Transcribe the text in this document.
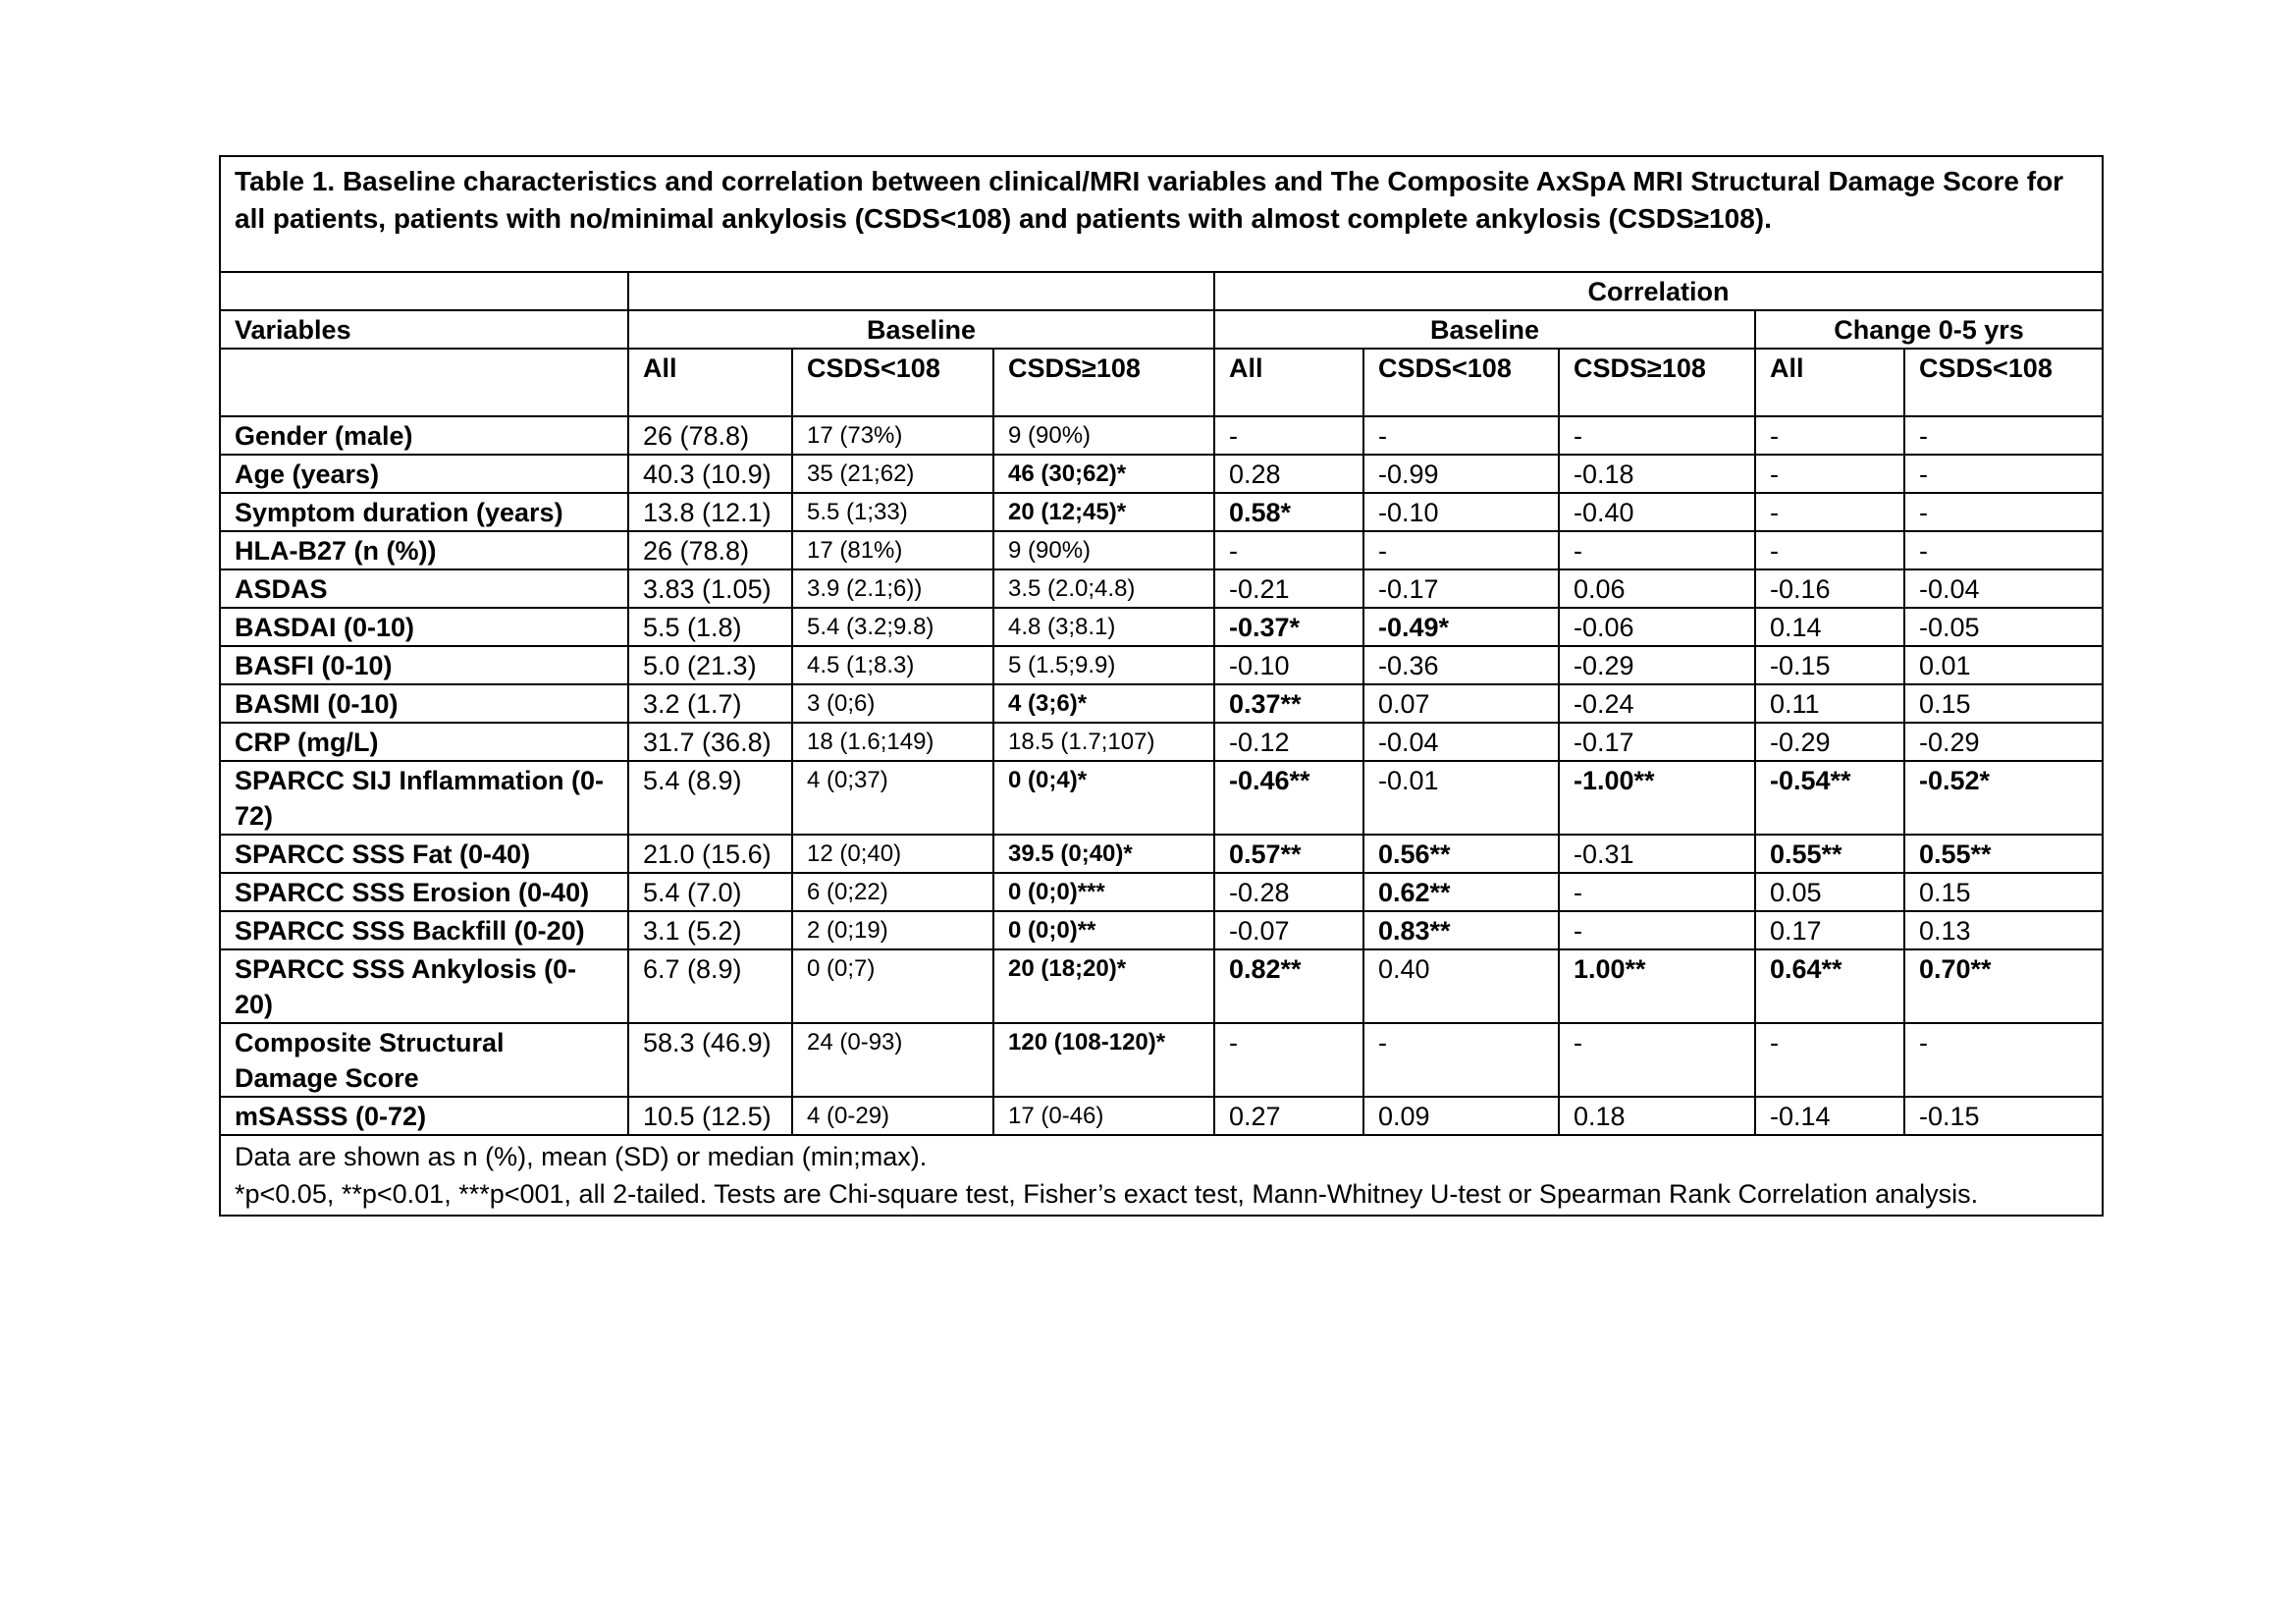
Table 1. Baseline characteristics and correlation between clinical/MRI variables and The Composite AxSpA MRI Structural Damage Score for all patients, patients with no/minimal ankylosis (CSDS<108) and patients with almost complete ankylosis (CSDS≥108).								

				Correlation				
Variables	Baseline			Baseline			Change 0-5 yrs	
	All	CSDS<108	CSDS≥108	All	CSDS<108	CSDS≥108	All	CSDS<108
Gender (male)	26 (78.8)	17 (73%)	9 (90%)	-	-	-	-	-
Age (years)	40.3 (10.9)	35 (21;62)	46 (30;62)*	0.28	-0.99	-0.18	-	-
Symptom duration (years)	13.8 (12.1)	5.5 (1;33)	20 (12;45)*	0.58*	-0.10	-0.40	-	-
HLA-B27 (n (%))	26 (78.8)	17 (81%)	9 (90%)	-	-	-	-	-
ASDAS	3.83 (1.05)	3.9 (2.1;6))	3.5 (2.0;4.8)	-0.21	-0.17	0.06	-0.16	-0.04
BASDAI (0-10)	5.5 (1.8)	5.4 (3.2;9.8)	4.8 (3;8.1)	-0.37*	-0.49*	-0.06	0.14	-0.05
BASFI (0-10)	5.0 (21.3)	4.5 (1;8.3)	5 (1.5;9.9)	-0.10	-0.36	-0.29	-0.15	0.01
BASMI (0-10)	3.2 (1.7)	3 (0;6)	4 (3;6)*	0.37**	0.07	-0.24	0.11	0.15
CRP (mg/L)	31.7 (36.8)	18 (1.6;149)	18.5 (1.7;107)	-0.12	-0.04	-0.17	-0.29	-0.29
SPARCC SIJ Inflammation (0-72)	5.4 (8.9)	4 (0;37)	0 (0;4)*	-0.46**	-0.01	-1.00**	-0.54**	-0.52*
SPARCC SSS Fat (0-40)	21.0 (15.6)	12 (0;40)	39.5 (0;40)*	0.57**	0.56**	-0.31	0.55**	0.55**
SPARCC SSS Erosion (0-40)	5.4 (7.0)	6 (0;22)	0 (0;0)***	-0.28	0.62**	-	0.05	0.15
SPARCC SSS Backfill (0-20)	3.1 (5.2)	2 (0;19)	0 (0;0)**	-0.07	0.83**	-	0.17	0.13
SPARCC SSS Ankylosis (0-20)	6.7 (8.9)	0 (0;7)	20 (18;20)*	0.82**	0.40	1.00**	0.64**	0.70**
Composite Structural Damage Score	58.3 (46.9)	24 (0-93)	120 (108-120)*	-	-	-	-	-
mSASSS (0-72)	10.5 (12.5)	4 (0-29)	17 (0-46)	0.27	0.09	0.18	-0.14	-0.15

Data are shown as n (%), mean (SD) or median (min;max).
*p<0.05, **p<0.01, ***p<001, all 2-tailed. Tests are Chi-square test, Fisher’s exact test, Mann-Whitney U-test or Spearman Rank Correlation analysis.								
